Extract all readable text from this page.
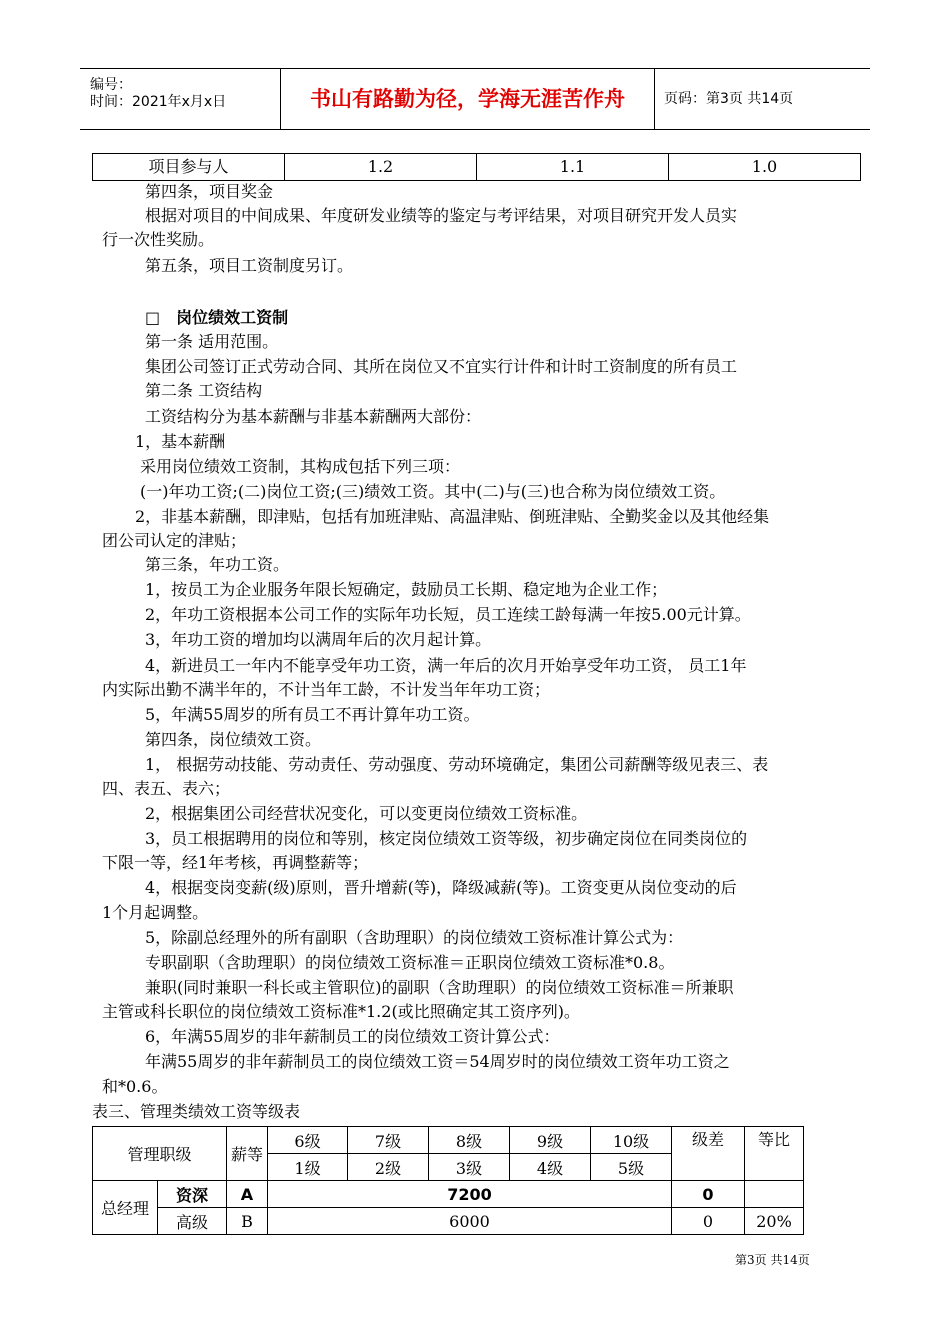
编号：
时间：2021年x月x日	书山有路勤为径，学海无涯苦作舟	页码：第3页 共14页
项目参与人	1.2	1.1	1.0
第四条，项目奖金
根据对项目的中间成果、年度研发业绩等的鉴定与考评结果，对项目研究开发人员实
行一次性奖励。
第五条，项目工资制度另订。
□　岗位绩效工资制
第一条 适用范围。
集团公司签订正式劳动合同、其所在岗位又不宜实行计件和计时工资制度的所有员工
第二条 工资结构
工资结构分为基本薪酬与非基本薪酬两大部份：
1，基本薪酬
采用岗位绩效工资制，其构成包括下列三项：
(一)年功工资;(二)岗位工资;(三)绩效工资。其中(二)与(三)也合称为岗位绩效工资。
2，非基本薪酬，即津贴，包括有加班津贴、高温津贴、倒班津贴、全勤奖金以及其他经集
团公司认定的津贴；
第三条，年功工资。
1，按员工为企业服务年限长短确定，鼓励员工长期、稳定地为企业工作；
2，年功工资根据本公司工作的实际年功长短，员工连续工龄每满一年按5.00元计算。
3，年功工资的增加均以满周年后的次月起计算。
4，新进员工一年内不能享受年功工资，满一年后的次月开始享受年功工资， 员工1年
内实际出勤不满半年的，不计当年工龄，不计发当年年功工资；
5，年满55周岁的所有员工不再计算年功工资。
第四条，岗位绩效工资。
1， 根据劳动技能、劳动责任、劳动强度、劳动环境确定，集团公司薪酬等级见表三、表
四、表五、表六；
2，根据集团公司经营状况变化，可以变更岗位绩效工资标准。
3，员工根据聘用的岗位和等别，核定岗位绩效工资等级，初步确定岗位在同类岗位的
下限一等，经1年考核，再调整薪等；
4，根据变岗变薪(级)原则，晋升增薪(等)，降级减薪(等)。工资变更从岗位变动的后
1个月起调整。
5，除副总经理外的所有副职（含助理职）的岗位绩效工资标准计算公式为：
专职副职（含助理职）的岗位绩效工资标准＝正职岗位绩效工资标准*0.8。
兼职(同时兼职一科长或主管职位)的副职（含助理职）的岗位绩效工资标准＝所兼职
主管或科长职位的岗位绩效工资标准*1.2(或比照确定其工资序列)。
6，年满55周岁的非年薪制员工的岗位绩效工资计算公式：
年满55周岁的非年薪制员工的岗位绩效工资＝54周岁时的岗位绩效工资年功工资之
和*0.6。
表三、管理类绩效工资等级表
管理职级		薪等	6级	7级	8级	9级	10级	级差	等比
			1级	2级	3级	4级	5级		
总经理	资深	A	7200					0	
	高级	B	6000					0	20%
第3页 共14页
